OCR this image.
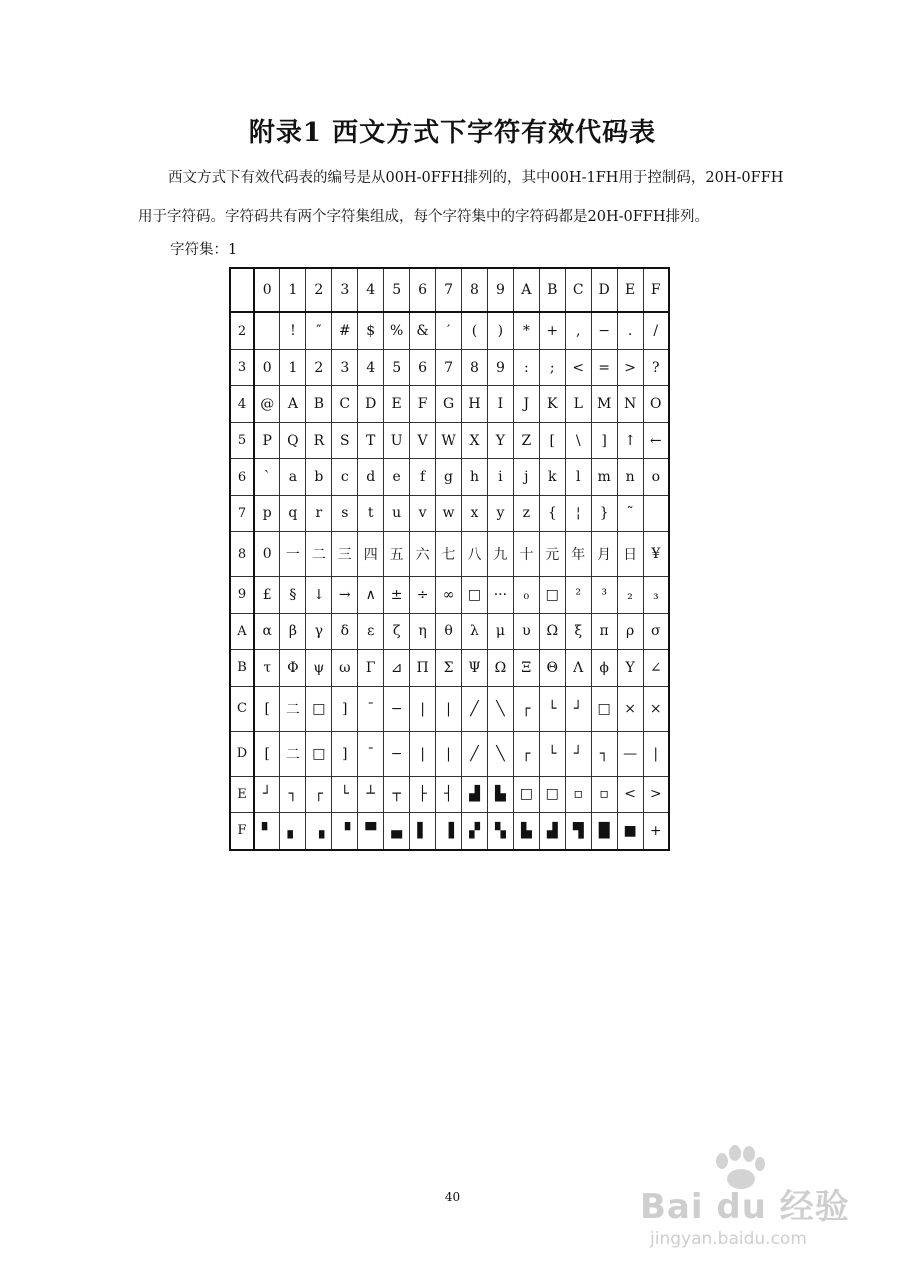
附录1 西文方式下字符有效代码表
西文方式下有效代码表的编号是从00H-0FFH排列的，其中00H-1FH用于控制码，20H-0FFH
用于字符码。字符码共有两个字符集组成，每个字符集中的字符码都是20H-0FFH排列。
字符集：1
	0	1	2	3	4	5	6	7	8	9	A	B	C	D	E	F
2		!	″	#	$	%	&	′	(	)	*	+	,	−	.	/
3	0	1	2	3	4	5	6	7	8	9	:	;	<	=	>	?
4	@	A	B	C	D	E	F	G	H	I	J	K	L	M	N	O
5	P	Q	R	S	T	U	V	W	X	Y	Z	[	\	]	↑	←
6	ˋ	a	b	c	d	e	f	g	h	i	j	k	l	m	n	o
7	p	q	r	s	t	u	v	w	x	y	z	{	¦	}	˜	
8	0	一	二	三	四	五	六	七	八	九	十	元	年	月	日	¥
9	£	§	↓	→	∧	±	÷	∞	□	···	₀	□	²	³	₂	₃
A	α	β	γ	δ	ε	ζ	η	θ	λ	μ	υ	Ω	ξ	π	ρ	σ
B	τ	Φ	ψ	ω	Γ	⊿	Π	Σ	Ψ	Ω	Ξ	Θ	Λ	ϕ	Υ	∠
C	[	二	□	]	¯	−	|	|	╱	╲	┌	└	┘	□	×	×
D	[	二	□	]	¯	−	|	|	╱	╲	┌	└	┘	┐	—	|
E	┘	┐	┌	└	┴	┬	├	┤	▟	▙	□	□	▫	▫	<	>
F	▘	▖	▗	▝	▀	▄	▌	▐	▞	▚	▙	▟	▜	█	■	+
40	Bai du 经验
jingyan.baidu.com
